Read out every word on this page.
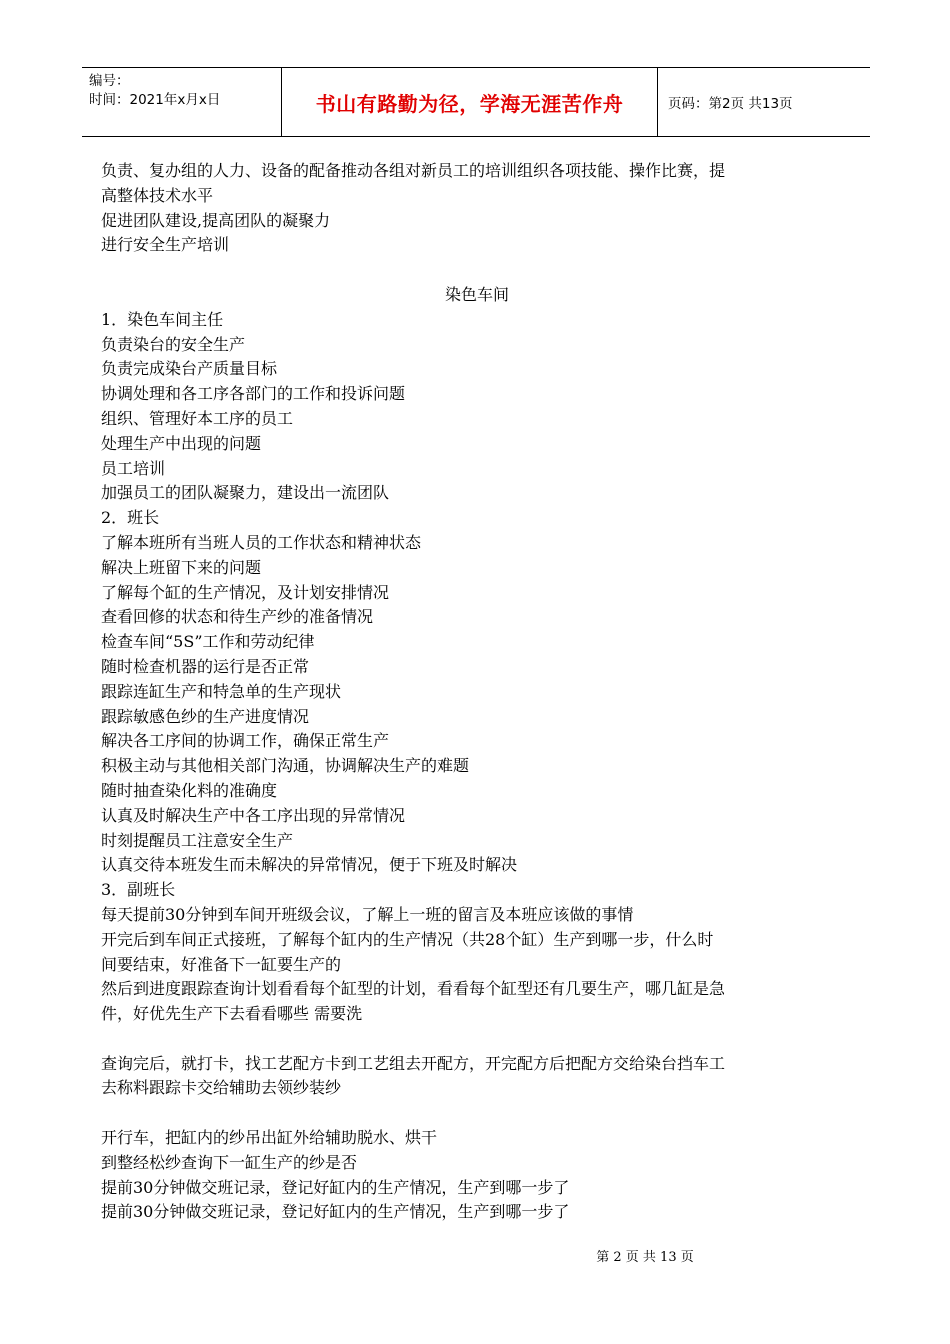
编号：
时间：2021年x月x日	书山有路勤为径，学海无涯苦作舟	页码：第2页 共13页
负责、复办组的人力、设备的配备推动各组对新员工的培训组织各项技能、操作比赛，提
高整体技术水平
促进团队建设,提高团队的凝聚力
进行安全生产培训
染色车间
1．染色车间主任
负责染台的安全生产
负责完成染台产质量目标
协调处理和各工序各部门的工作和投诉问题
组织、管理好本工序的员工
处理生产中出现的问题
员工培训
加强员工的团队凝聚力，建设出一流团队
2．班长
了解本班所有当班人员的工作状态和精神状态
解决上班留下来的问题
了解每个缸的生产情况，及计划安排情况
查看回修的状态和待生产纱的准备情况
检查车间“5S”工作和劳动纪律
随时检查机器的运行是否正常
跟踪连缸生产和特急单的生产现状
跟踪敏感色纱的生产进度情况
解决各工序间的协调工作，确保正常生产
积极主动与其他相关部门沟通，协调解决生产的难题
随时抽查染化料的准确度
认真及时解决生产中各工序出现的异常情况
时刻提醒员工注意安全生产
认真交待本班发生而未解决的异常情况，便于下班及时解决
3．副班长
每天提前30分钟到车间开班级会议，了解上一班的留言及本班应该做的事情
开完后到车间正式接班，了解每个缸内的生产情况（共28个缸）生产到哪一步，什么时
间要结束，好准备下一缸要生产的
然后到进度跟踪查询计划看看每个缸型的计划，看看每个缸型还有几要生产，哪几缸是急
件，好优先生产下去看看哪些 需要洗
查询完后，就打卡，找工艺配方卡到工艺组去开配方，开完配方后把配方交给染台挡车工
去称料跟踪卡交给辅助去领纱装纱
开行车，把缸内的纱吊出缸外给辅助脱水、烘干
到整经松纱查询下一缸生产的纱是否
提前30分钟做交班记录，登记好缸内的生产情况，生产到哪一步了
提前30分钟做交班记录，登记好缸内的生产情况，生产到哪一步了
第 2 页 共 13 页
